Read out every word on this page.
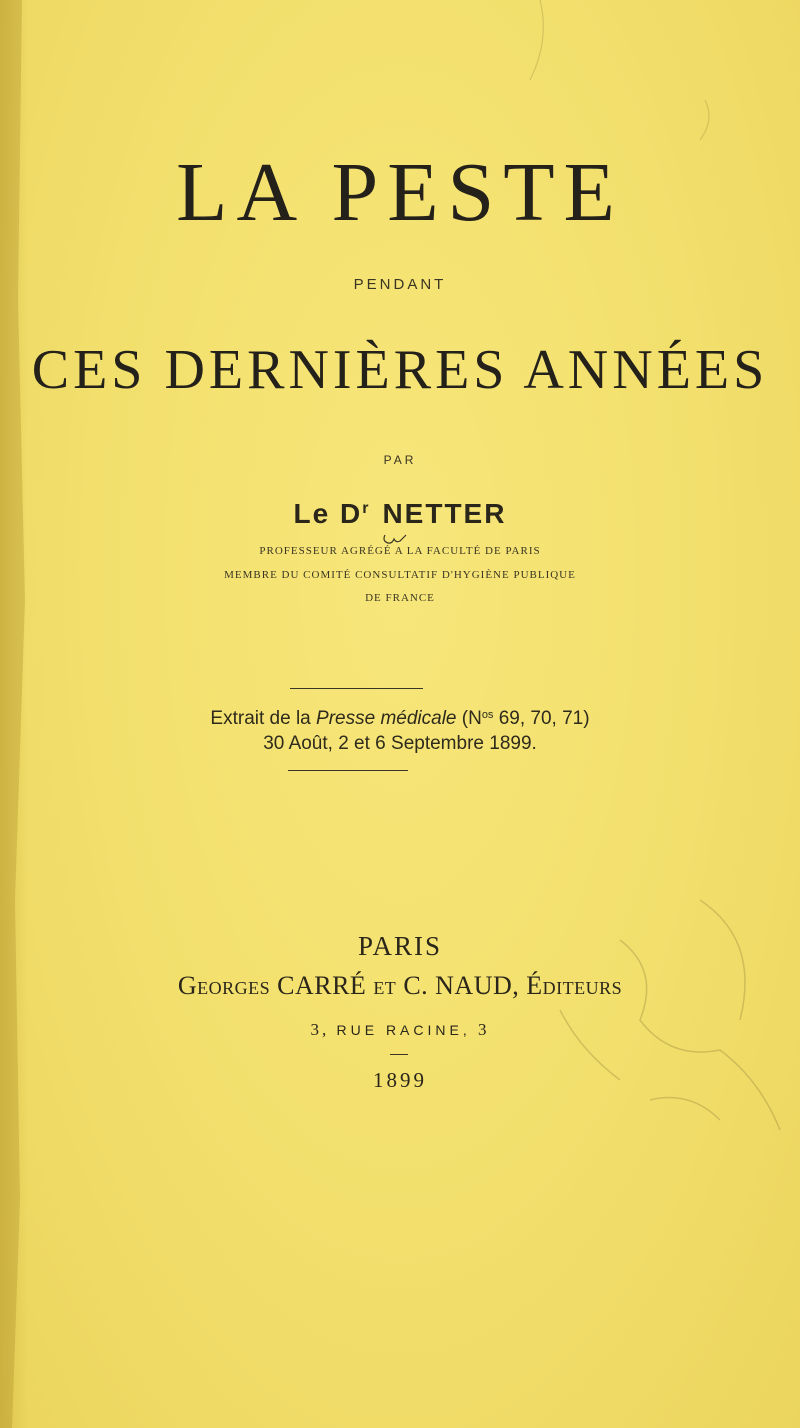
LA PESTE
PENDANT
CES DERNIÈRES ANNÉES
PAR
Le $D^r$ NETTER
PROFESSEUR AGRÉGÉ A LA FACULTÉ DE PARIS
MEMBRE DU COMITÉ CONSULTATIF D'HYGIÈNE PUBLIQUE
DE FRANCE
Extrait de la Presse médicale ($N^{os}$ 69, 70, 71)
30 Août, 2 et 6 Septembre 1899.
PARIS
Georges CARRÉ et C. NAUD, Éditeurs
3, RUE RACINE, 3
1899
